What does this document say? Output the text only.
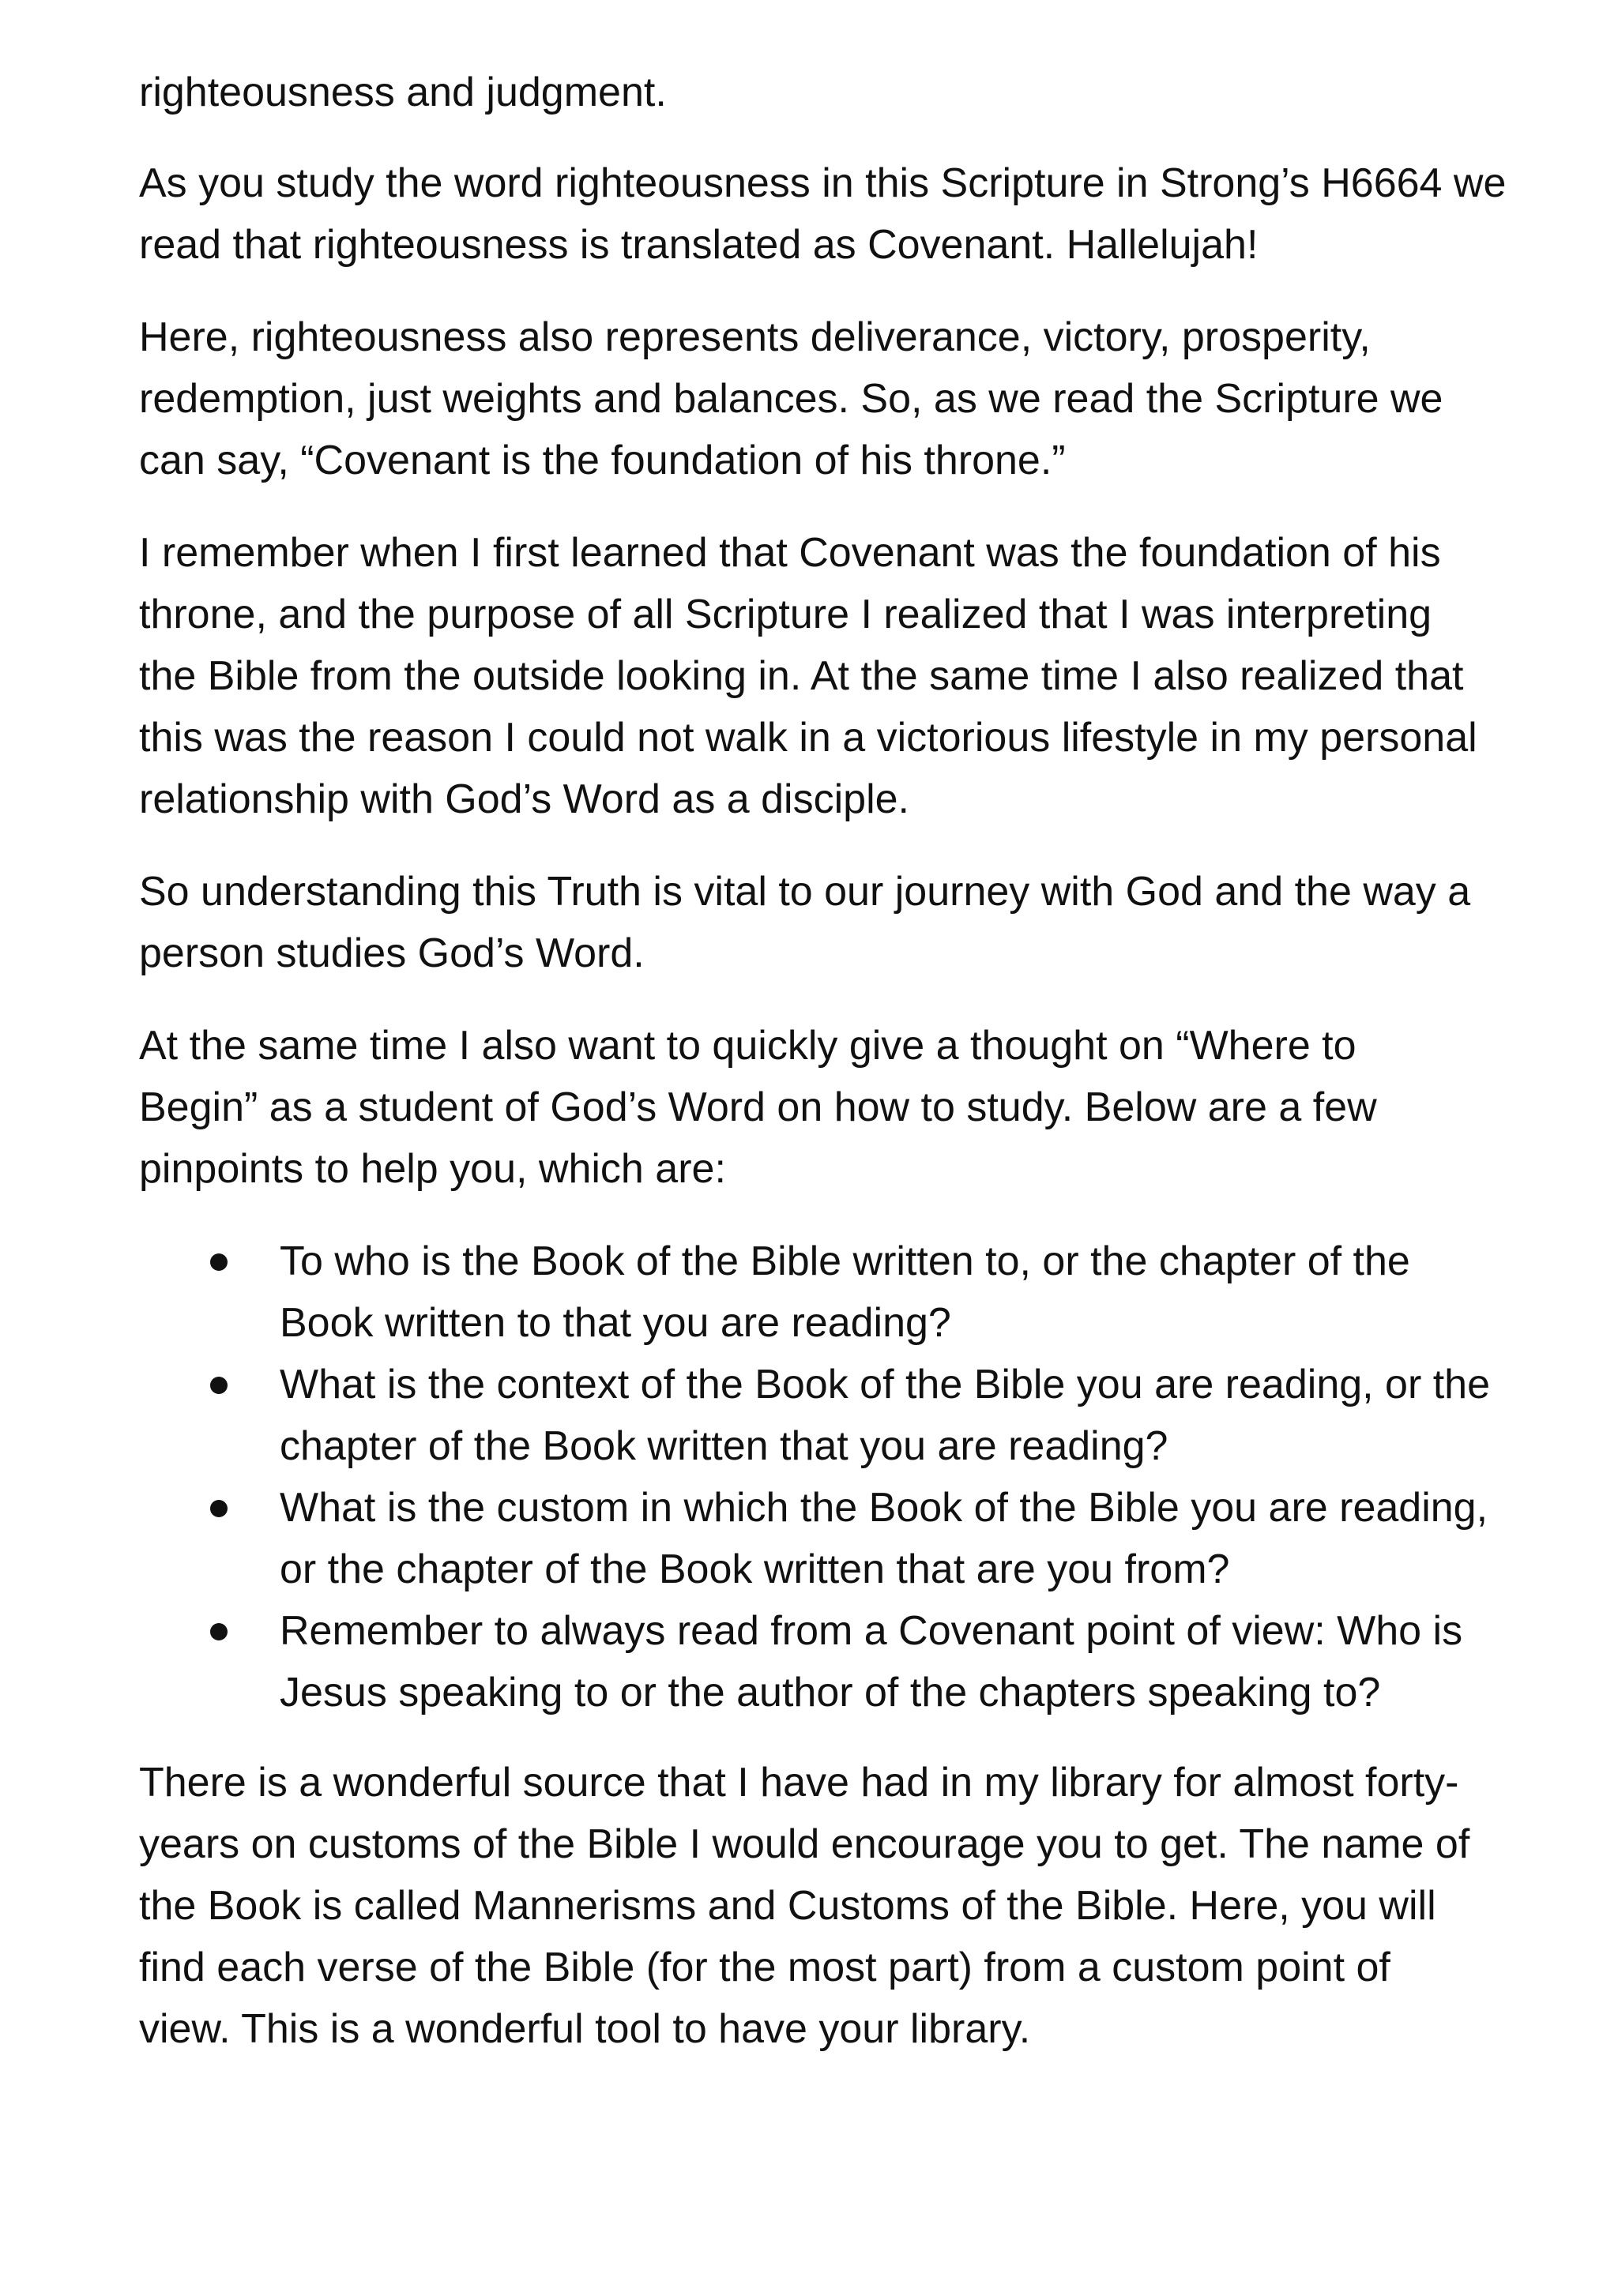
righteousness and judgment.

As you study the word righteousness in this Scripture in Strong’s H6664 we
read that righteousness is translated as Covenant. Hallelujah!

Here, righteousness also represents deliverance, victory, prosperity,
redemption, just weights and balances. So, as we read the Scripture we
can say, “Covenant is the foundation of his throne.”

I remember when I first learned that Covenant was the foundation of his
throne, and the purpose of all Scripture I realized that I was interpreting
the Bible from the outside looking in. At the same time I also realized that
this was the reason I could not walk in a victorious lifestyle in my personal
relationship with God’s Word as a disciple.

So understanding this Truth is vital to our journey with God and the way a
person studies God’s Word.

At the same time I also want to quickly give a thought on “Where to
Begin” as a student of God’s Word on how to study. Below are a few
pinpoints to help you, which are:

To who is the Book of the Bible written to, or the chapter of the
Book written to that you are reading?
What is the context of the Book of the Bible you are reading, or the
chapter of the Book written that you are reading?
What is the custom in which the Book of the Bible you are reading,
or the chapter of the Book written that are you from?
Remember to always read from a Covenant point of view: Who is
Jesus speaking to or the author of the chapters speaking to?

There is a wonderful source that I have had in my library for almost forty-
years on customs of the Bible I would encourage you to get. The name of
the Book is called Mannerisms and Customs of the Bible. Here, you will
find each verse of the Bible (for the most part) from a custom point of
view. This is a wonderful tool to have your library.
